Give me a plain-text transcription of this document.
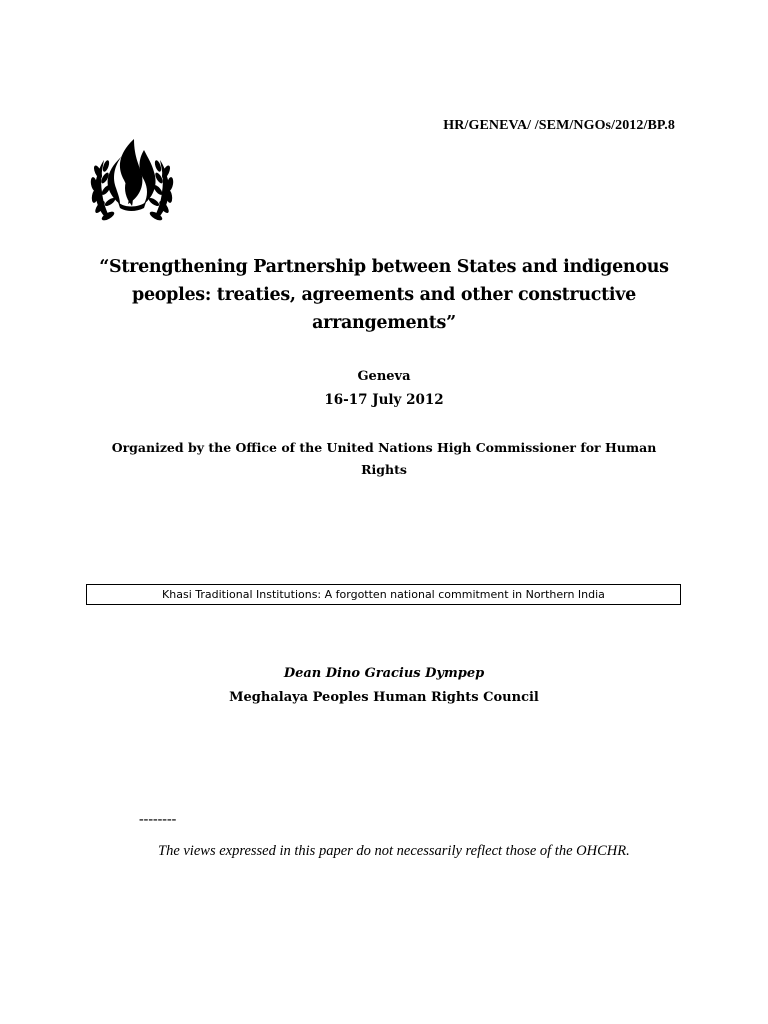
HR/GENEVA/ /SEM/NGOs/2012/BP.8
“Strengthening Partnership between States and indigenous peoples: treaties, agreements and other constructive arrangements”
Geneva
16-17 July 2012
Organized by the Office of the United Nations High Commissioner for Human Rights
Khasi Traditional Institutions: A forgotten national commitment in Northern India
Dean Dino Gracius Dympep
Meghalaya Peoples Human Rights Council
--------
The views expressed in this paper do not necessarily reflect those of the OHCHR.
